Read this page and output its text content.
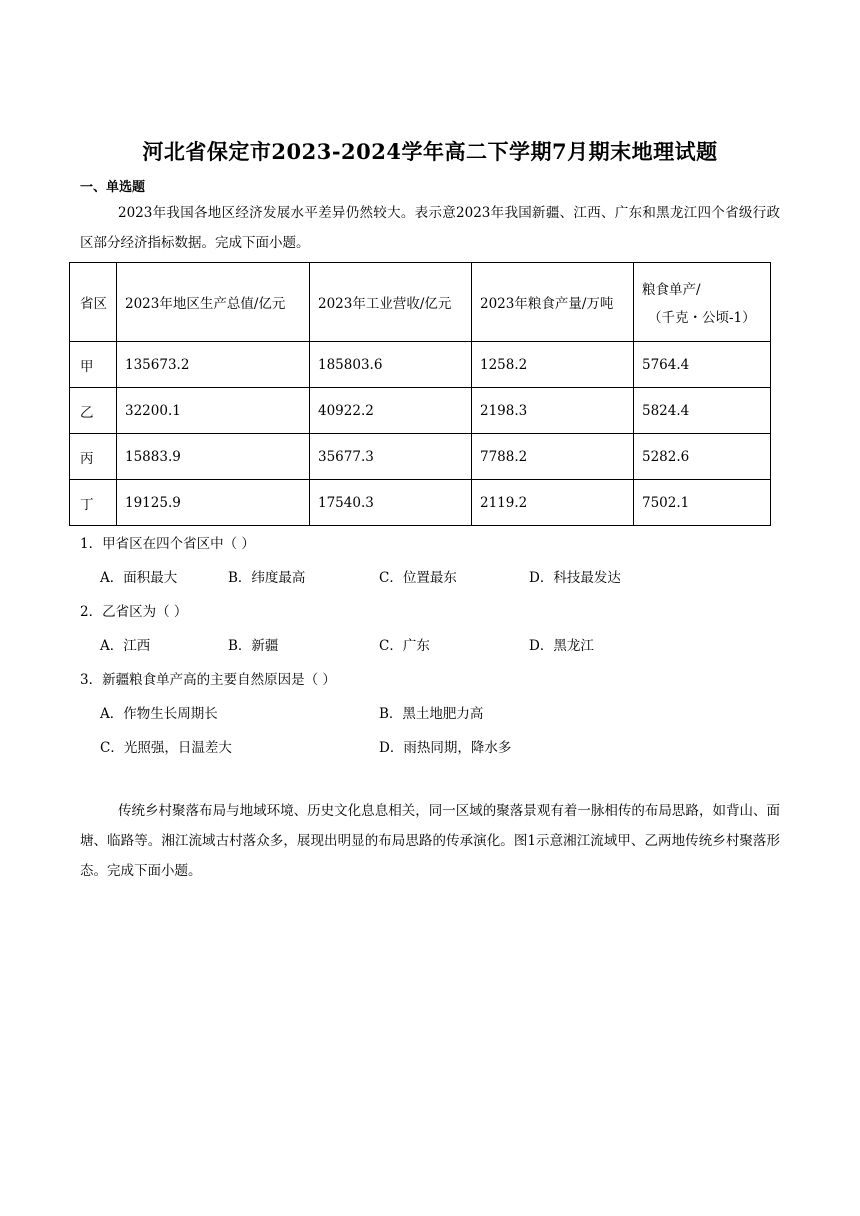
河北省保定市2023-2024学年高二下学期7月期末地理试题
一、单选题
2023年我国各地区经济发展水平差异仍然较大。表示意2023年我国新疆、江西、广东和黑龙江四个省级行政区部分经济指标数据。完成下面小题。
省区	2023年地区生产总值/亿元	2023年工业营收/亿元	2023年粮食产量/万吨	粮食单产/
（千克・公顷-1）

甲	135673.2	185803.6	1258.2	5764.4
乙	32200.1	40922.2	2198.3	5824.4
丙	15883.9	35677.3	7788.2	5282.6
丁	19125.9	17540.3	2119.2	7502.1
1．甲省区在四个省区中（ ）
A．面积最大	B．纬度最高	C．位置最东	D．科技最发达
2．乙省区为（ ）
A．江西	B．新疆	C．广东	D．黑龙江
3．新疆粮食单产高的主要自然原因是（ ）
A．作物生长周期长	B．黑土地肥力高
C．光照强，日温差大	D．雨热同期，降水多
传统乡村聚落布局与地域环境、历史文化息息相关，同一区域的聚落景观有着一脉相传的布局思路，如背山、面塘、临路等。湘江流域古村落众多，展现出明显的布局思路的传承演化。图1示意湘江流域甲、乙两地传统乡村聚落形态。完成下面小题。
